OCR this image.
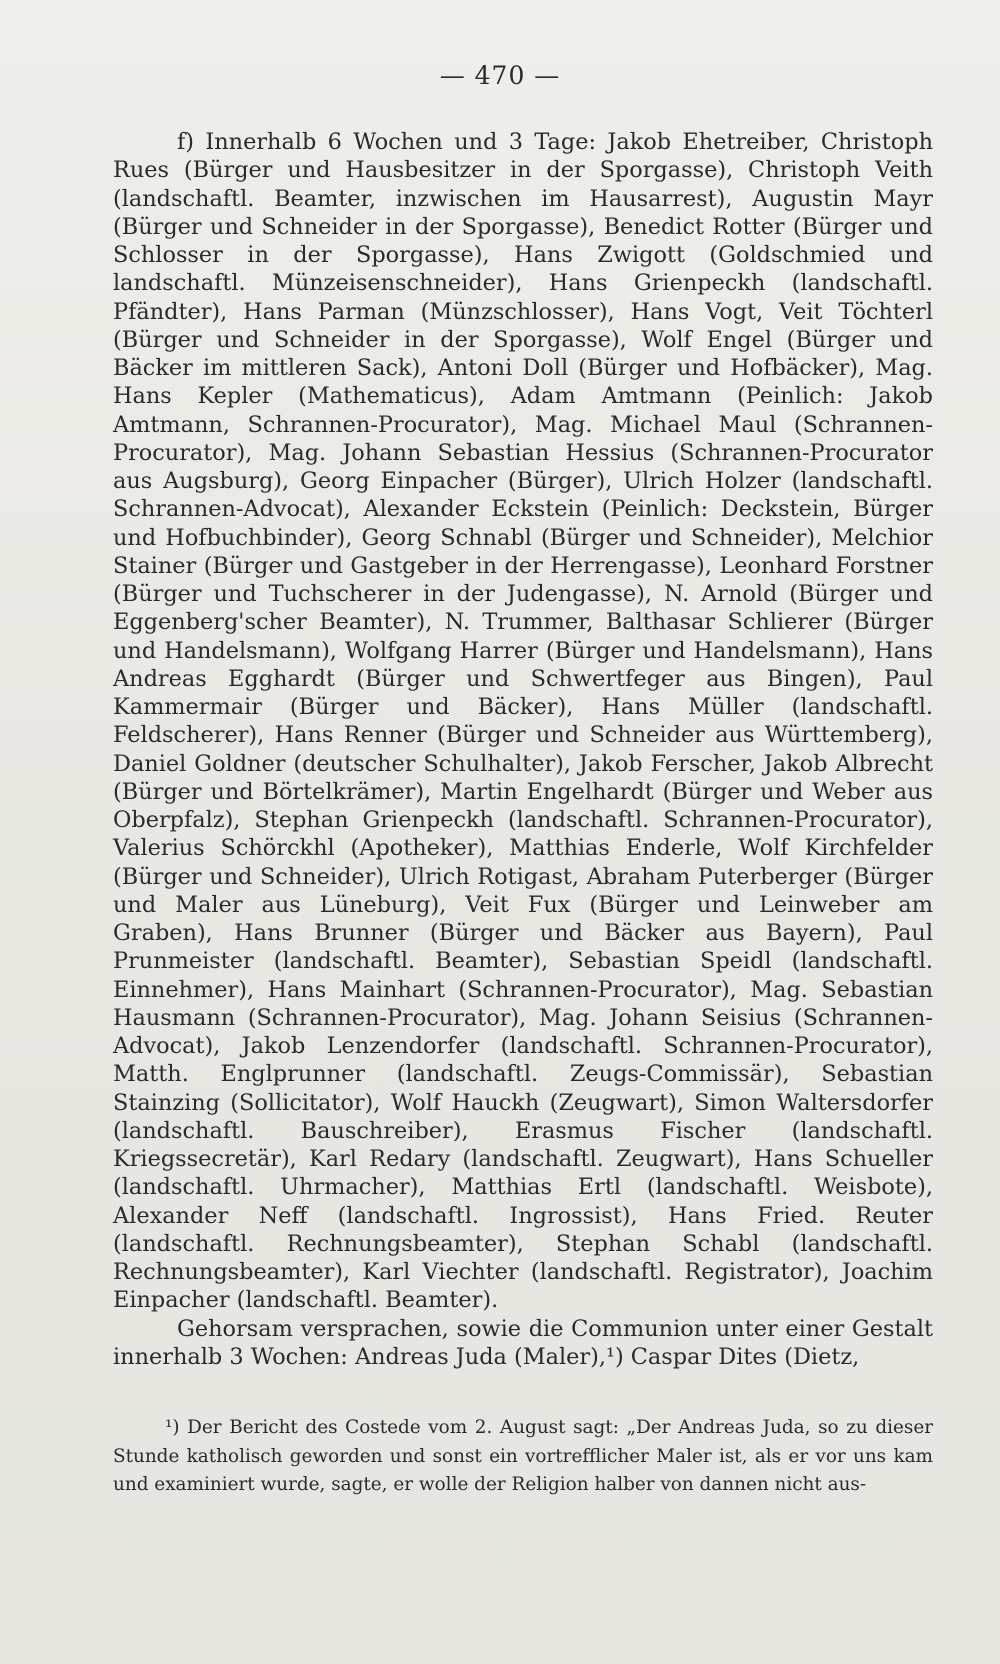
— 470 —

f) Innerhalb 6 Wochen und 3 Tage: Jakob Ehetreiber, Christoph Rues (Bürger und Hausbesitzer in der Sporgasse), Christoph Veith (landschaftl. Beamter, inzwischen im Hausarrest), Augustin Mayr (Bürger und Schneider in der Sporgasse), Benedict Rotter (Bürger und Schlosser in der Sporgasse), Hans Zwigott (Goldschmied und landschaftl. Münzeisenschneider), Hans Grienpeckh (landschaftl. Pfändter), Hans Parman (Münzschlosser), Hans Vogt, Veit Töchterl (Bürger und Schneider in der Sporgasse), Wolf Engel (Bürger und Bäcker im mittleren Sack), Antoni Doll (Bürger und Hofbäcker), Mag. Hans Kepler (Mathematicus), Adam Amtmann (Peinlich: Jakob Amtmann, Schrannen-Procurator), Mag. Michael Maul (Schrannen-Procurator), Mag. Johann Sebastian Hessius (Schrannen-Procurator aus Augsburg), Georg Einpacher (Bürger), Ulrich Holzer (landschaftl. Schrannen-Advocat), Alexander Eckstein (Peinlich: Deckstein, Bürger und Hofbuchbinder), Georg Schnabl (Bürger und Schneider), Melchior Stainer (Bürger und Gastgeber in der Herrengasse), Leonhard Forstner (Bürger und Tuchscherer in der Judengasse), N. Arnold (Bürger und Eggenberg'scher Beamter), N. Trummer, Balthasar Schlierer (Bürger und Handelsmann), Wolfgang Harrer (Bürger und Handelsmann), Hans Andreas Egghardt (Bürger und Schwertfeger aus Bingen), Paul Kammermair (Bürger und Bäcker), Hans Müller (landschaftl. Feldscherer), Hans Renner (Bürger und Schneider aus Württemberg), Daniel Goldner (deutscher Schulhalter), Jakob Ferscher, Jakob Albrecht (Bürger und Börtelkrämer), Martin Engelhardt (Bürger und Weber aus Oberpfalz), Stephan Grienpeckh (landschaftl. Schrannen-Procurator), Valerius Schörckhl (Apotheker), Matthias Enderle, Wolf Kirchfelder (Bürger und Schneider), Ulrich Rotigast, Abraham Puterberger (Bürger und Maler aus Lüneburg), Veit Fux (Bürger und Leinweber am Graben), Hans Brunner (Bürger und Bäcker aus Bayern), Paul Prunmeister (landschaftl. Beamter), Sebastian Speidl (landschaftl. Einnehmer), Hans Mainhart (Schrannen-Procurator), Mag. Sebastian Hausmann (Schrannen-Procurator), Mag. Johann Seisius (Schrannen-Advocat), Jakob Lenzendorfer (landschaftl. Schrannen-Procurator), Matth. Englprunner (landschaftl. Zeugs-Commissär), Sebastian Stainzing (Sollicitator), Wolf Hauckh (Zeugwart), Simon Waltersdorfer (landschaftl. Bauschreiber), Erasmus Fischer (landschaftl. Kriegssecretär), Karl Redary (landschaftl. Zeugwart), Hans Schueller (landschaftl. Uhrmacher), Matthias Ertl (landschaftl. Weisbote), Alexander Neff (landschaftl. Ingrossist), Hans Fried. Reuter (landschaftl. Rechnungsbeamter), Stephan Schabl (landschaftl. Rechnungsbeamter), Karl Viechter (landschaftl. Registrator), Joachim Einpacher (landschaftl. Beamter).

Gehorsam versprachen, sowie die Communion unter einer Gestalt innerhalb 3 Wochen: Andreas Juda (Maler),¹) Caspar Dites (Dietz,

¹) Der Bericht des Costede vom 2. August sagt: „Der Andreas Juda, so zu dieser Stunde katholisch geworden und sonst ein vortrefflicher Maler ist, als er vor uns kam und examiniert wurde, sagte, er wolle der Religion halber von dannen nicht aus-
